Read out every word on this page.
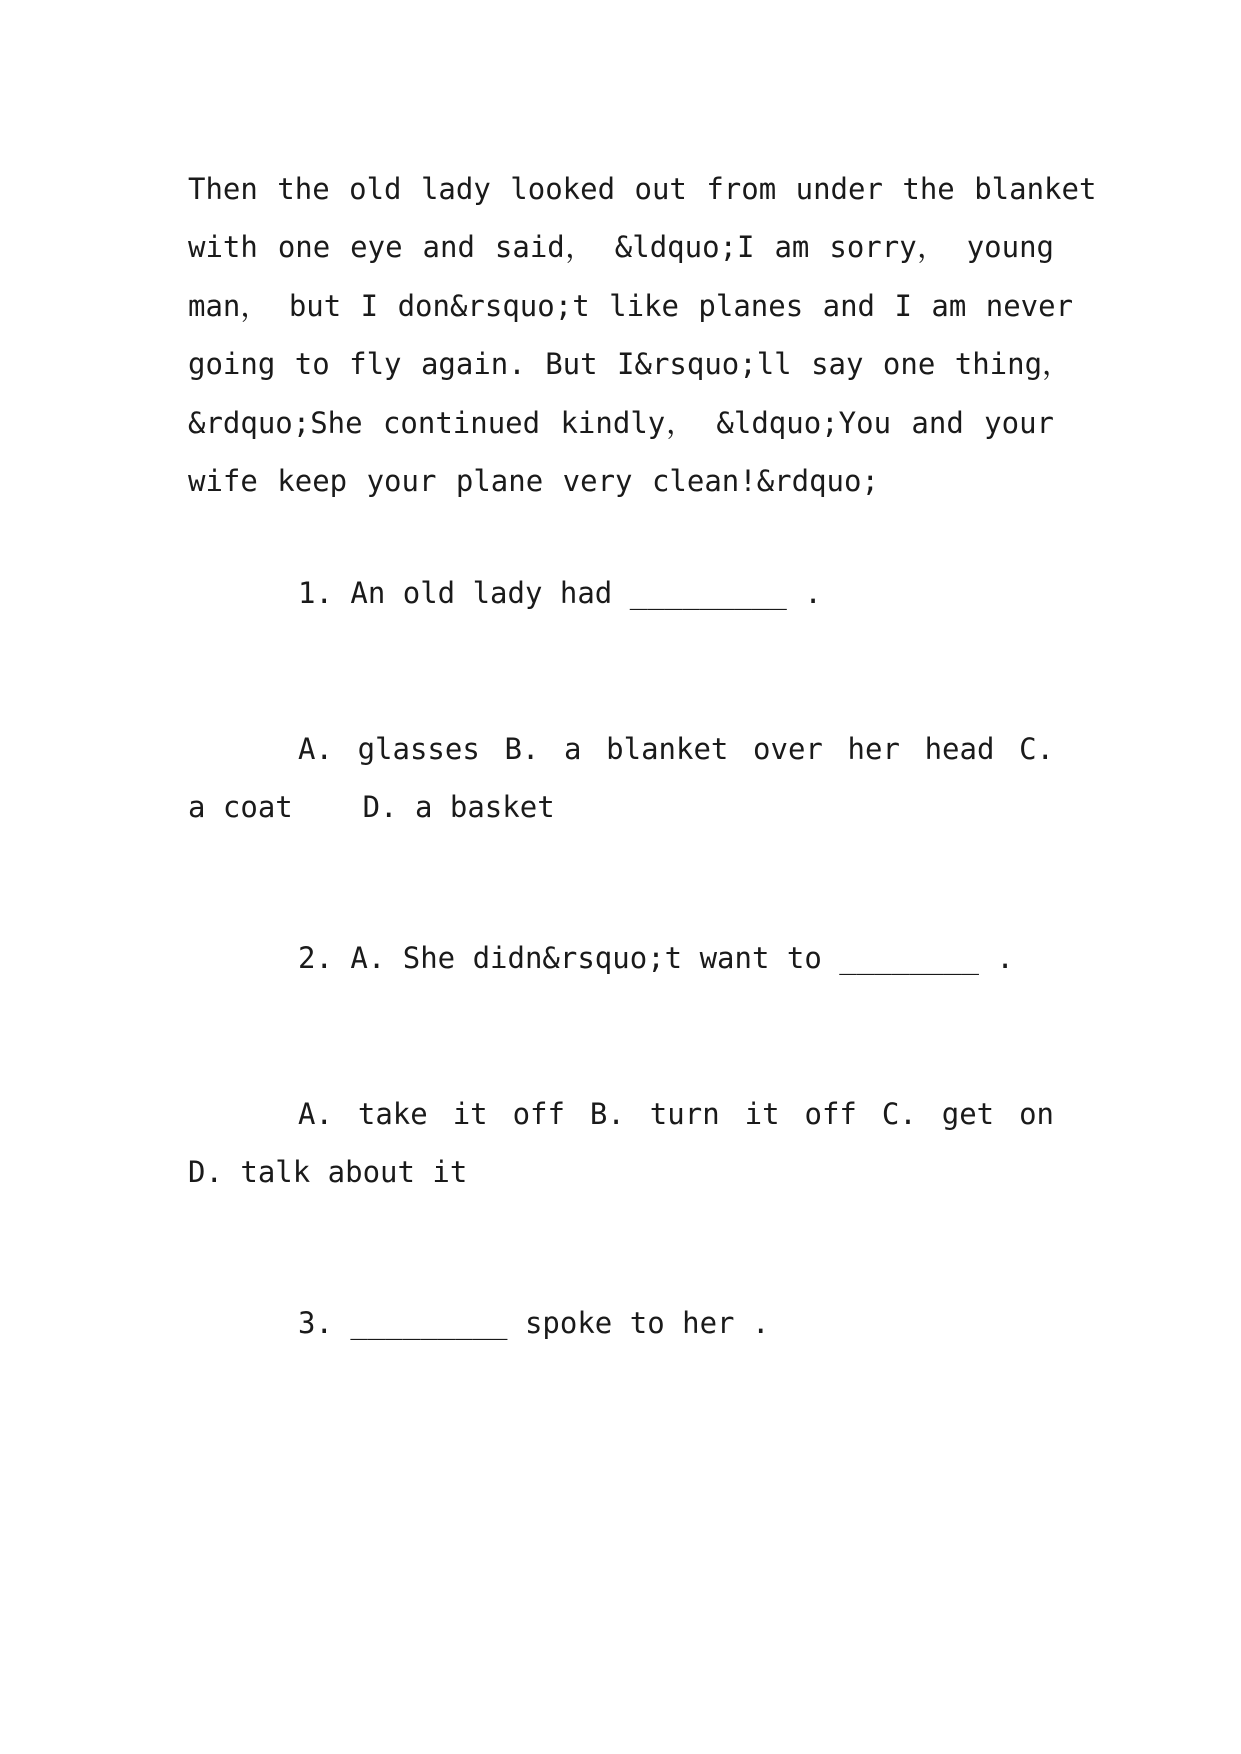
Then the old lady looked out from under the blanket
with one eye and said， &ldquo;I am sorry， young
man， but I don&rsquo;t like planes and I am never
going to fly again. But I&rsquo;ll say one thing，
&rdquo;She continued kindly， &ldquo;You and your
wife keep your plane very clean!&rdquo;
1. An old lady had _________ .
A. glasses B. a blanket over her head C.
a coat    D. a basket
2. A. She didn&rsquo;t want to ________ .
A. take it off B. turn it off C. get on
D. talk about it
3. _________ spoke to her .
